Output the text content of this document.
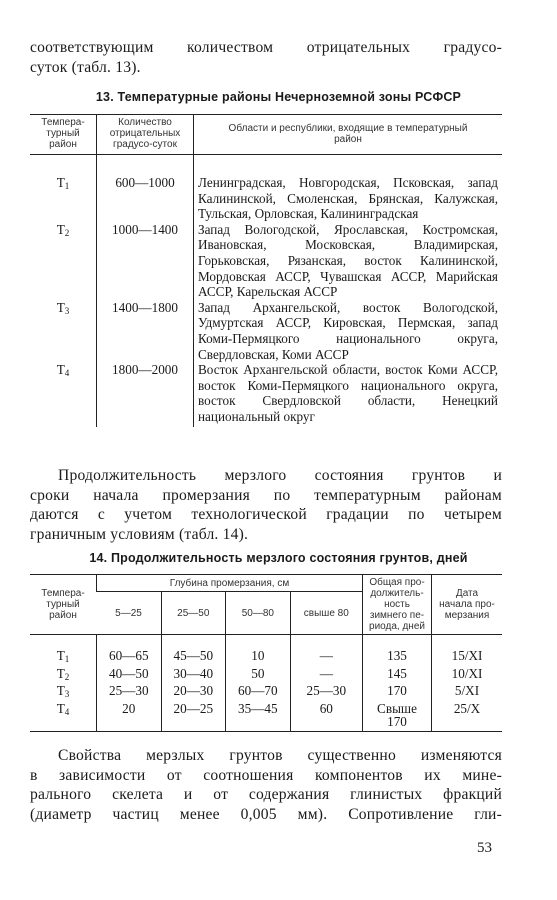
соответствующим количеством отрицательных градусо-
суток (табл. 13).
13. Температурные районы Нечерноземной зоны РСФСР
Темпера-
турный
район	Количество
отрицательных
градусо-суток	Области и республики, входящие в температурный
район
$T_1$	600—1000	Ленинградская, Новгородская, Псковская, запад Калининской, Смоленская, Брянская, Калужская, Тульская, Орловская, Калининградская
$T_2$	1000—1400	Запад Вологодской, Ярославская, Костромская, Ивановская, Московская, Владимирская, Горьковская, Рязанская, восток Калининской, Мордовская АССР, Чувашская АССР, Марийская АССР, Карельская АССР
$T_3$	1400—1800	Запад Архангельской, восток Вологодской, Удмуртская АССР, Кировская, Пермская, запад Коми-Пермяцкого национального округа, Свердловская, Коми АССР
$T_4$	1800—2000	Восток Архангельской области, восток Коми АССР, восток Коми-Пермяцкого национального округа, восток Свердловской области, Ненецкий национальный округ
Продолжительность мерзлого состояния грунтов и
сроки начала промерзания по температурным районам
даются с учетом технологической градации по четырем
граничным условиям (табл. 14).
14. Продолжительность мерзлого состояния грунтов, дней
Темпера-
турный
район	Глубина промерзания, см				Общая про-
должитель-
ность
зимнего пе-
риода, дней	Дата
начала про-
мерзания
	5—25	25—50	50—80	свыше 80		
$T_1$	60—65	45—50	10	—	135	15/XI
$T_2$	40—50	30—40	50	—	145	10/XI
$T_3$	25—30	20—30	60—70	25—30	170	5/XI
$T_4$	20	20—25	35—45	60	Свыше
170	25/X
Свойства мерзлых грунтов существенно изменяются
в зависимости от соотношения компонентов их мине-
рального скелета и от содержания глинистых фракций
(диаметр частиц менее 0,005 мм). Сопротивление гли-
53
